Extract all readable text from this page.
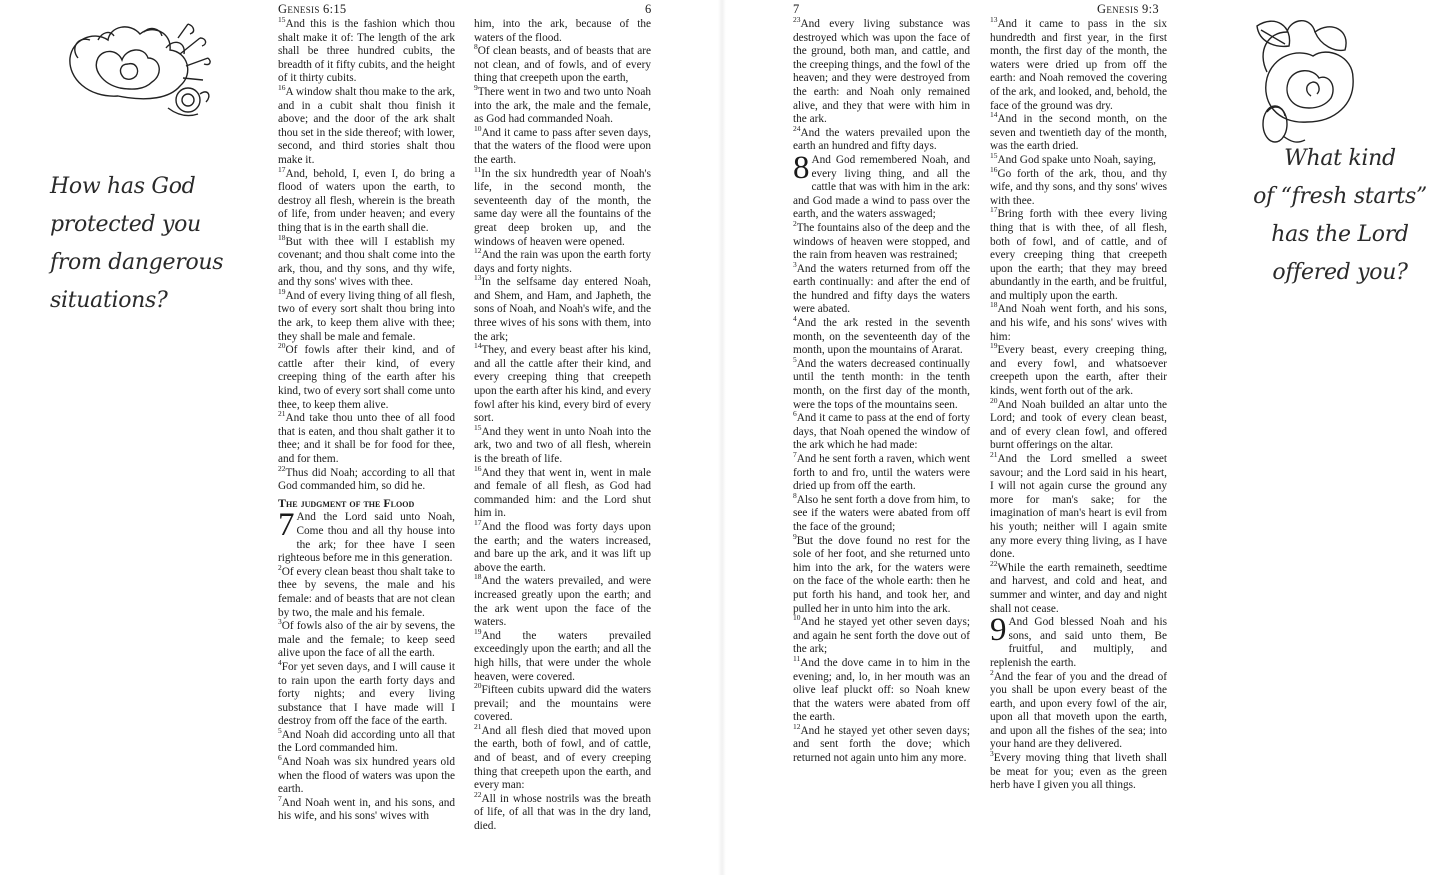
How has God
protected you
from dangerous
situations?
Genesis 6:15	6

$^{15}$And this is the fashion which thou shalt make it of: The length of the ark shall be three hundred cubits, the breadth of it fifty cubits, and the height of it thirty cubits.

$^{16}$A window shalt thou make to the ark, and in a cubit shalt thou finish it above; and the door of the ark shalt thou set in the side thereof; with lower, second, and third stories shalt thou make it.

$^{17}$And, behold, I, even I, do bring a flood of waters upon the earth, to destroy all flesh, wherein is the breath of life, from under heaven; and every thing that is in the earth shall die.

$^{18}$But with thee will I establish my covenant; and thou shalt come into the ark, thou, and thy sons, and thy wife, and thy sons' wives with thee.

$^{19}$And of every living thing of all flesh, two of every sort shalt thou bring into the ark, to keep them alive with thee; they shall be male and female.

$^{20}$Of fowls after their kind, and of cattle after their kind, of every creeping thing of the earth after his kind, two of every sort shall come unto thee, to keep them alive.

$^{21}$And take thou unto thee of all food that is eaten, and thou shalt gather it to thee; and it shall be for food for thee, and for them.

$^{22}$Thus did Noah; according to all that God commanded him, so did he.

The judgment of the Flood

7 And the Lord said unto Noah, Come thou and all thy house into the ark; for thee have I seen righteous before me in this generation.

$^2$Of every clean beast thou shalt take to thee by sevens, the male and his female: and of beasts that are not clean by two, the male and his female.

$^3$Of fowls also of the air by sevens, the male and the female; to keep seed alive upon the face of all the earth.

$^4$For yet seven days, and I will cause it to rain upon the earth forty days and forty nights; and every living substance that I have made will I destroy from off the face of the earth.

$^5$And Noah did according unto all that the Lord commanded him.

$^6$And Noah was six hundred years old when the flood of waters was upon the earth.

$^7$And Noah went in, and his sons, and his wife, and his sons' wives with

him, into the ark, because of the waters of the flood.

$^8$Of clean beasts, and of beasts that are not clean, and of fowls, and of every thing that creepeth upon the earth,

$^9$There went in two and two unto Noah into the ark, the male and the female, as God had commanded Noah.

$^{10}$And it came to pass after seven days, that the waters of the flood were upon the earth.

$^{11}$In the six hundredth year of Noah's life, in the second month, the seventeenth day of the month, the same day were all the fountains of the great deep broken up, and the windows of heaven were opened.

$^{12}$And the rain was upon the earth forty days and forty nights.

$^{13}$In the selfsame day entered Noah, and Shem, and Ham, and Japheth, the sons of Noah, and Noah's wife, and the three wives of his sons with them, into the ark;

$^{14}$They, and every beast after his kind, and all the cattle after their kind, and every creeping thing that creepeth upon the earth after his kind, and every fowl after his kind, every bird of every sort.

$^{15}$And they went in unto Noah into the ark, two and two of all flesh, wherein is the breath of life.

$^{16}$And they that went in, went in male and female of all flesh, as God had commanded him: and the Lord shut him in.

$^{17}$And the flood was forty days upon the earth; and the waters increased, and bare up the ark, and it was lift up above the earth.

$^{18}$And the waters prevailed, and were increased greatly upon the earth; and the ark went upon the face of the waters.

$^{19}$And the waters prevailed exceedingly upon the earth; and all the high hills, that were under the whole heaven, were covered.

$^{20}$Fifteen cubits upward did the waters prevail; and the mountains were covered.

$^{21}$And all flesh died that moved upon the earth, both of fowl, and of cattle, and of beast, and of every creeping thing that creepeth upon the earth, and every man:

$^{22}$All in whose nostrils was the breath of life, of all that was in the dry land, died.

7	Genesis 9:3

$^{23}$And every living substance was destroyed which was upon the face of the ground, both man, and cattle, and the creeping things, and the fowl of the heaven; and they were destroyed from the earth: and Noah only remained alive, and they that were with him in the ark.

$^{24}$And the waters prevailed upon the earth an hundred and fifty days.

8 And God remembered Noah, and every living thing, and all the cattle that was with him in the ark: and God made a wind to pass over the earth, and the waters asswaged;

$^2$The fountains also of the deep and the windows of heaven were stopped, and the rain from heaven was restrained;

$^3$And the waters returned from off the earth continually: and after the end of the hundred and fifty days the waters were abated.

$^4$And the ark rested in the seventh month, on the seventeenth day of the month, upon the mountains of Ararat.

$^5$And the waters decreased continually until the tenth month: in the tenth month, on the first day of the month, were the tops of the mountains seen.

$^6$And it came to pass at the end of forty days, that Noah opened the window of the ark which he had made:

$^7$And he sent forth a raven, which went forth to and fro, until the waters were dried up from off the earth.

$^8$Also he sent forth a dove from him, to see if the waters were abated from off the face of the ground;

$^9$But the dove found no rest for the sole of her foot, and she returned unto him into the ark, for the waters were on the face of the whole earth: then he put forth his hand, and took her, and pulled her in unto him into the ark.

$^{10}$And he stayed yet other seven days; and again he sent forth the dove out of the ark;

$^{11}$And the dove came in to him in the evening; and, lo, in her mouth was an olive leaf pluckt off: so Noah knew that the waters were abated from off the earth.

$^{12}$And he stayed yet other seven days; and sent forth the dove; which returned not again unto him any more.

$^{13}$And it came to pass in the six hundredth and first year, in the first month, the first day of the month, the waters were dried up from off the earth: and Noah removed the covering of the ark, and looked, and, behold, the face of the ground was dry.

$^{14}$And in the second month, on the seven and twentieth day of the month, was the earth dried.

$^{15}$And God spake unto Noah, saying,

$^{16}$Go forth of the ark, thou, and thy wife, and thy sons, and thy sons' wives with thee.

$^{17}$Bring forth with thee every living thing that is with thee, of all flesh, both of fowl, and of cattle, and of every creeping thing that creepeth upon the earth; that they may breed abundantly in the earth, and be fruitful, and multiply upon the earth.

$^{18}$And Noah went forth, and his sons, and his wife, and his sons' wives with him:

$^{19}$Every beast, every creeping thing, and every fowl, and whatsoever creepeth upon the earth, after their kinds, went forth out of the ark.

$^{20}$And Noah builded an altar unto the Lord; and took of every clean beast, and of every clean fowl, and offered burnt offerings on the altar.

$^{21}$And the Lord smelled a sweet savour; and the Lord said in his heart, I will not again curse the ground any more for man's sake; for the imagination of man's heart is evil from his youth; neither will I again smite any more every thing living, as I have done.

$^{22}$While the earth remaineth, seedtime and harvest, and cold and heat, and summer and winter, and day and night shall not cease.

9 And God blessed Noah and his sons, and said unto them, Be fruitful, and multiply, and replenish the earth.

$^2$And the fear of you and the dread of you shall be upon every beast of the earth, and upon every fowl of the air, upon all that moveth upon the earth, and upon all the fishes of the sea; into your hand are they delivered.

$^3$Every moving thing that liveth shall be meat for you; even as the green herb have I given you all things.

What kind
of “fresh starts”
has the Lord
offered you?
